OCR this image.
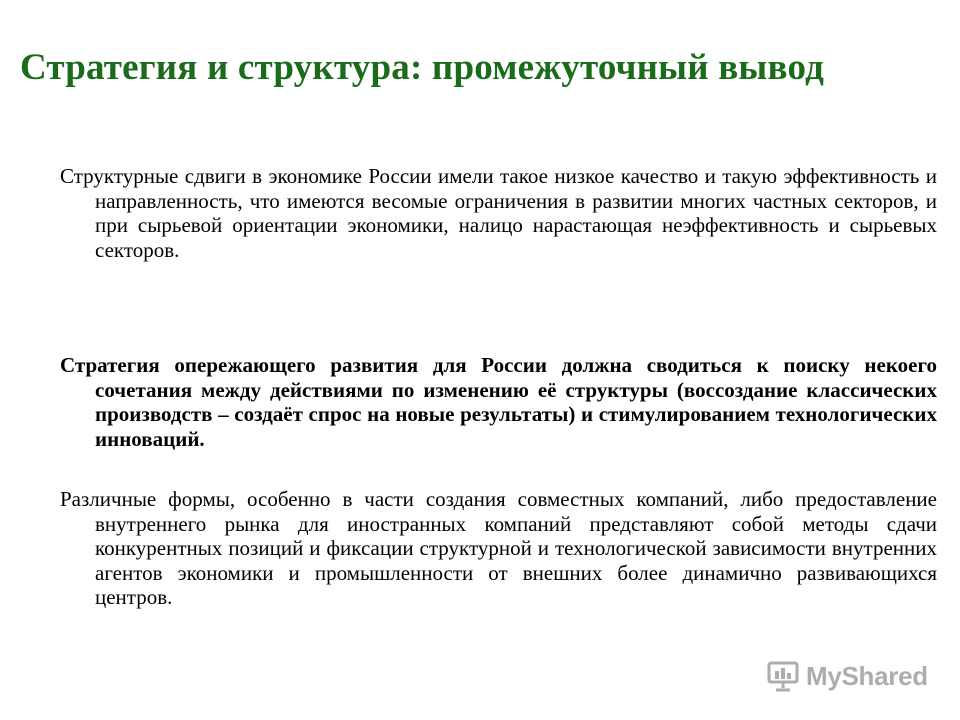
Стратегия и структура: промежуточный вывод

Структурные сдвиги в экономике России имели такое низкое качество и такую эффективность и направленность, что имеются весомые ограничения в развитии многих частных секторов, и при сырьевой ориентации экономики, налицо нарастающая неэффективность и сырьевых секторов.

Стратегия опережающего развития для России должна сводиться к поиску некоего сочетания между действиями по изменению её структуры (воссоздание классических производств – создаёт спрос на новые результаты) и стимулированием технологических инноваций.

Различные формы, особенно в части создания совместных компаний, либо предоставление внутреннего рынка для иностранных компаний представляют собой методы сдачи конкурентных позиций и фиксации структурной и технологической зависимости внутренних агентов экономики и промышленности от внешних более динамично развивающихся центров.

MyShared
